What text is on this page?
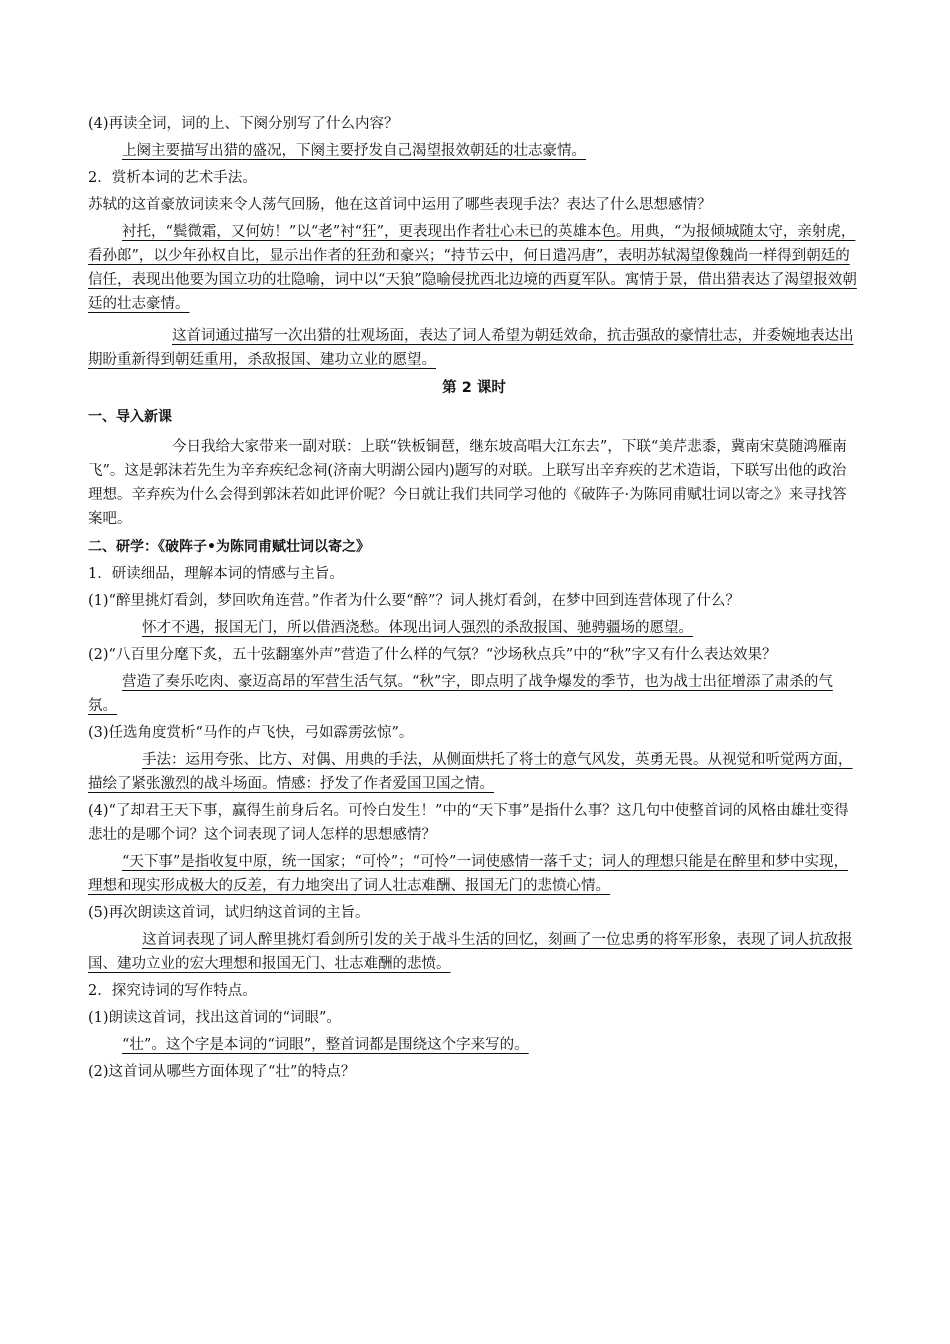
(4)再读全词，词的上、下阕分别写了什么内容？

上阕主要描写出猎的盛况，下阕主要抒发自己渴望报效朝廷的壮志豪情。

2．赏析本词的艺术手法。

苏轼的这首豪放词读来令人荡气回肠，他在这首词中运用了哪些表现手法？表达了什么思想感情？

衬托，“鬓微霜，又何妨！”以“老”衬“狂”，更表现出作者壮心未已的英雄本色。用典，“为报倾城随太守，亲射虎，看孙郎”，以少年孙权自比，显示出作者的狂劲和豪兴；“持节云中，何日遣冯唐”，表明苏轼渴望像魏尚一样得到朝廷的信任，表现出他要为国立功的壮隐喻，词中以“天狼”隐喻侵扰西北边境的西夏军队。寓情于景，借出猎表达了渴望报效朝廷的壮志豪情。

这首词通过描写一次出猎的壮观场面，表达了词人希望为朝廷效命，抗击强敌的豪情壮志，并委婉地表达出期盼重新得到朝廷重用，杀敌报国、建功立业的愿望。

第 2 课时

一、导入新课

今日我给大家带来一副对联：上联“铁板铜琶，继东坡高唱大江东去”，下联“美芹悲黍，冀南宋莫随鸿雁南飞”。这是郭沫若先生为辛弃疾纪念祠(济南大明湖公园内)题写的对联。上联写出辛弃疾的艺术造诣，下联写出他的政治理想。辛弃疾为什么会得到郭沫若如此评价呢？今日就让我们共同学习他的《破阵子·为陈同甫赋壮词以寄之》来寻找答案吧。

二、研学：《破阵子•为陈同甫赋壮词以寄之》

1．研读细品，理解本词的情感与主旨。

(1)“醉里挑灯看剑，梦回吹角连营。”作者为什么要“醉”？词人挑灯看剑，在梦中回到连营体现了什么？

怀才不遇，报国无门，所以借酒浇愁。体现出词人强烈的杀敌报国、驰骋疆场的愿望。

(2)“八百里分麾下炙，五十弦翻塞外声”营造了什么样的气氛？“沙场秋点兵”中的“秋”字又有什么表达效果？

营造了奏乐吃肉、豪迈高昂的军营生活气氛。“秋”字，即点明了战争爆发的季节，也为战士出征增添了肃杀的气氛。

(3)任选角度赏析“马作的卢飞快，弓如霹雳弦惊”。

手法：运用夸张、比方、对偶、用典的手法，从侧面烘托了将士的意气风发，英勇无畏。从视觉和听觉两方面，描绘了紧张激烈的战斗场面。情感：抒发了作者爱国卫国之情。

(4)“了却君王天下事，赢得生前身后名。可怜白发生！”中的“天下事”是指什么事？这几句中使整首词的风格由雄壮变得悲壮的是哪个词？这个词表现了词人怎样的思想感情？

“天下事”是指收复中原，统一国家；“可怜”；“可怜”一词使感情一落千丈；词人的理想只能是在醉里和梦中实现，理想和现实形成极大的反差，有力地突出了词人壮志难酬、报国无门的悲愤心情。

(5)再次朗读这首词，试归纳这首词的主旨。

这首词表现了词人醉里挑灯看剑所引发的关于战斗生活的回忆，刻画了一位忠勇的将军形象，表现了词人抗敌报国、建功立业的宏大理想和报国无门、壮志难酬的悲愤。

2．探究诗词的写作特点。

(1)朗读这首词，找出这首词的“词眼”。

“壮”。这个字是本词的“词眼”，整首词都是围绕这个字来写的。

(2)这首词从哪些方面体现了“壮”的特点？
